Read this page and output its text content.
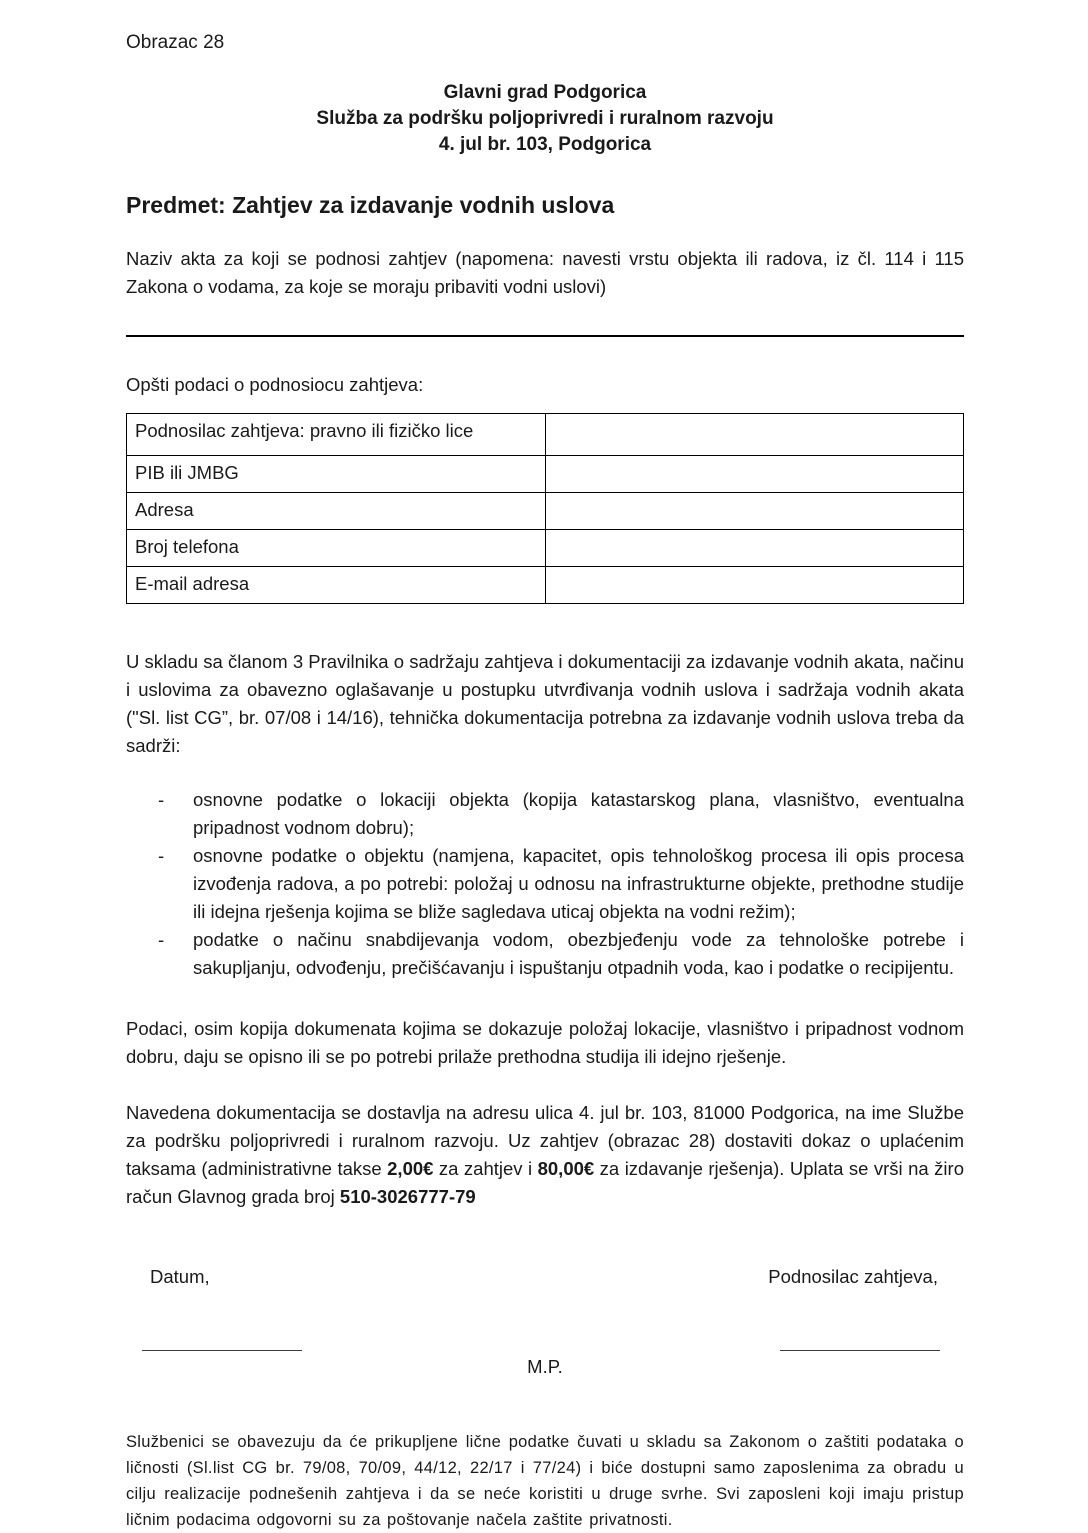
Obrazac 28
Glavni grad Podgorica
Služba za podršku poljoprivredi i ruralnom razvoju
4. jul br. 103, Podgorica
Predmet: Zahtjev za izdavanje vodnih uslova
Naziv akta za koji se podnosi zahtjev (napomena: navesti vrstu objekta ili radova, iz čl. 114 i 115 Zakona o vodama, za koje se moraju pribaviti vodni uslovi)
Opšti podaci o podnosiocu zahtjeva:
Podnosilac zahtjeva: pravno ili fizičko lice	
PIB ili JMBG	
Adresa	
Broj telefona	
E-mail adresa	
U skladu sa članom 3 Pravilnika o sadržaju zahtjeva i dokumentaciji za izdavanje vodnih akata, načinu i uslovima za obavezno oglašavanje u postupku utvrđivanja vodnih uslova i sadržaja vodnih akata ("Sl. list CG”, br. 07/08 i 14/16), tehnička dokumentacija potrebna za izdavanje vodnih uslova treba da sadrži:
- osnovne podatke o lokaciji objekta (kopija katastarskog plana, vlasništvo, eventualna pripadnost vodnom dobru);
- osnovne podatke o objektu (namjena, kapacitet, opis tehnološkog procesa ili opis procesa izvođenja radova, a po potrebi: položaj u odnosu na infrastrukturne objekte, prethodne studije ili idejna rješenja kojima se bliže sagledava uticaj objekta na vodni režim);
- podatke o načinu snabdijevanja vodom, obezbjeđenju vode za tehnološke potrebe i sakupljanju, odvođenju, prečišćavanju i ispuštanju otpadnih voda, kao i podatke o recipijentu.
Podaci, osim kopija dokumenata kojima se dokazuje položaj lokacije, vlasništvo i pripadnost vodnom dobru, daju se opisno ili se po potrebi prilaže prethodna studija ili idejno rješenje.
Navedena dokumentacija se dostavlja na adresu ulica 4. jul br. 103, 81000 Podgorica, na ime Službe za podršku poljoprivredi i ruralnom razvoju. Uz zahtjev (obrazac 28) dostaviti dokaz o uplaćenim taksama (administrativne takse 2,00€ za zahtjev i 80,00€ za izdavanje rješenja). Uplata se vrši na žiro račun Glavnog grada broj 510-3026777-79
Datum,	Podnosilac zahtjeva,
M.P.
Službenici se obavezuju da će prikupljene lične podatke čuvati u skladu sa Zakonom o zaštiti podataka o ličnosti (Sl.list CG br. 79/08, 70/09, 44/12, 22/17 i 77/24) i biće dostupni samo zaposlenima za obradu u cilju realizacije podnešenih zahtjeva i da se neće koristiti u druge svrhe. Svi zaposleni koji imaju pristup ličnim podacima odgovorni su za poštovanje načela zaštite privatnosti.
